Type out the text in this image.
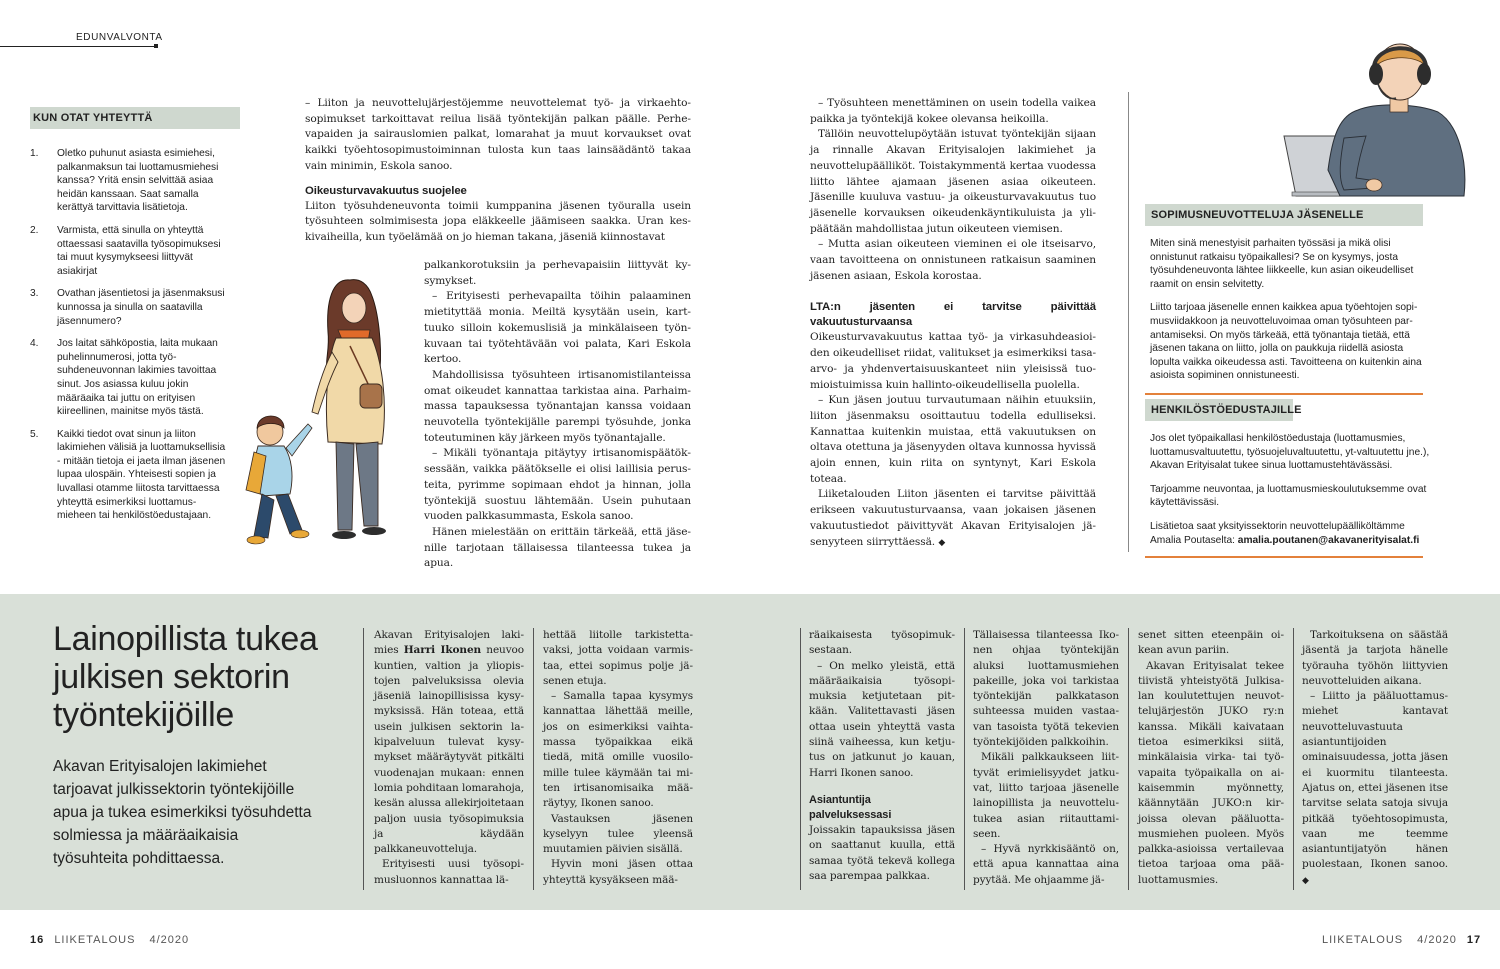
EDUNVALVONTA
KUN OTAT YHTEYTTÄ
1. Oletko puhunut asiasta esimiehesi, palkanmaksun tai luottamusmiehesi kanssa? Yritä ensin selvittää asiaa heidän kanssaan. Saat samalla kerättyä tarvittavia lisätietoja.
2. Varmista, että sinulla on yhteyttä ottaessasi saatavilla työsopimuksesi tai muut kysymykseesi liittyvät asiakirjat
3. Ovathan jäsentietosi ja jäsenmaksusi kunnossa ja sinulla on saatavilla jäsennumero?
4. Jos laitat sähköpostia, laita mukaan puhelinnumerosi, jotta työsuhdeneuvonnan lakimies tavoittaa sinut. Jos asiassa kuluu jokin määräaika tai juttu on erityisen kiireellinen, mainitse myös tästä.
5. Kaikki tiedot ovat sinun ja liiton lakimiehen välisiä ja luottamuksellisia - mitään tietoja ei jaeta ilman jäsenen lupaa ulospäin. Yhteisesti sopien ja luvallasi otamme liitosta tarvittaessa yhteyttä esimerkiksi luottamusmieheen tai henkilöstöedustajaan.

– Liiton ja neuvottelujärjestöjemme neuvottelemat työ- ja virkaehtosopimukset tarkoittavat reilua lisää työntekijän palkan päälle. Perhevapaiden ja sairauslomien palkat, lomarahat ja muut korvaukset ovat kaikki työehtosopimustoiminnan tulosta kun taas lainsäädäntö takaa vain minimin, Eskola sanoo.

Oikeusturvavakuutus suojelee

Liiton työsuhdeneuvonta toimii kumppanina jäsenen työuralla usein työsuhteen solmimisesta jopa eläkkeelle jäämiseen saakka. Uran keskivaiheilla, kun työelämää on jo hieman takana, jäseniä kiinnostavat

palkankorotuksiin ja perhevapaisiin liittyvät kysymykset.

– Erityisesti perhevapailta töihin palaaminen mietityttää monia. Meiltä kysytään usein, karttuuko silloin kokemuslisiä ja minkälaiseen työnkuvaan tai työtehtävään voi palata, Kari Eskola kertoo.

Mahdollisissa työsuhteen irtisanomistilanteissa omat oikeudet kannattaa tarkistaa aina. Parhaimmassa tapauksessa työnantajan kanssa voidaan neuvotella työntekijälle parempi työsuhde, jonka toteutuminen käy järkeen myös työnantajalle.

– Mikäli työnantaja pitäytyy irtisanomispäätöksessään, vaikka päätökselle ei olisi laillisia perusteita, pyrimme sopimaan ehdot ja hinnan, jolla työntekijä suostuu lähtemään. Usein puhutaan vuoden palkkasummasta, Eskola sanoo.

Hänen mielestään on erittäin tärkeää, että jäsenille tarjotaan tällaisessa tilanteessa tukea ja apua.

– Työsuhteen menettäminen on usein todella vaikea paikka ja työntekijä kokee olevansa heikoilla.

Tällöin neuvottelupöytään istuvat työntekijän sijaan ja rinnalle Akavan Erityisalojen lakimiehet ja neuvottelupäälliköt. Toistakymmentä kertaa vuodessa liitto lähtee ajamaan jäsenen asiaa oikeuteen. Jäsenille kuuluva vastuu- ja oikeusturvavakuutus tuo jäsenelle korvauksen oikeudenkäyntikuluista ja ylipäätään mahdollistaa jutun oikeuteen viemisen.

– Mutta asian oikeuteen vieminen ei ole itseisarvo, vaan tavoitteena on onnistuneen ratkaisun saaminen jäsenen asiaan, Eskola korostaa.

LTA:n jäsenten ei tarvitse päivittää vakuutusturvaansa

Oikeusturvavakuutus kattaa työ- ja virkasuhdeasioiden oikeudelliset riidat, valitukset ja esimerkiksi tasa-arvo- ja yhdenvertaisuuskanteet niin yleisissä tuomioistuimissa kuin hallinto-oikeudellisella puolella.

– Kun jäsen joutuu turvautumaan näihin etuuksiin, liiton jäsenmaksu osoittautuu todella edulliseksi. Kannattaa kuitenkin muistaa, että vakuutuksen on oltava otettuna ja jäsenyyden oltava kunnossa hyvissä ajoin ennen, kuin riita on syntynyt, Kari Eskola toteaa.

Liiketalouden Liiton jäsenten ei tarvitse päivittää erikseen vakuutusturvaansa, vaan jokaisen jäsenen vakuutustiedot päivittyvät Akavan Erityisalojen jäsenyyteen siirryttäessä. ◆

SOPIMUSNEUVOTTELUJA JÄSENELLE

Miten sinä menestyisit parhaiten työssäsi ja mikä olisi onnistunut ratkaisu työpaikallesi? Se on kysymys, josta työsuhdeneuvonta lähtee liikkeelle, kun asian oikeudelliset raamit on ensin selvitetty.

Liitto tarjoaa jäsenelle ennen kaikkea apua työehtojen sopimusviidakkoon ja neuvotteluvoimaa oman työsuhteen parantamiseksi. On myös tärkeää, että työnantaja tietää, että jäsenen takana on liitto, jolla on paukkuja riidellä asiosta lopulta vaikka oikeudessa asti. Tavoitteena on kuitenkin aina asioista sopiminen onnistuneesti.

HENKILÖSTÖEDUSTAJILLE

Jos olet työpaikallasi henkilöstöedustaja (luottamusmies, luottamusvaltuutettu, työsuojeluvaltuutettu, yt-valtuutettu jne.), Akavan Erityisalat tukee sinua luottamustehtävässäsi.

Tarjoamme neuvontaa, ja luottamusmieskoulutuksemme ovat käytettävissäsi.

Lisätietoa saat yksityissektorin neuvottelupäälliköltämme Amalia Poutaselta: amalia.poutanen@akavanerityisalat.fi

Lainopillista tukea julkisen sektorin työntekijöille
Akavan Erityisalojen lakimiehet tarjoavat julkissektorin työntekijöille apua ja tukea esimerkiksi työsuhdetta solmiessa ja määräaikaisia työsuhteita pohdittaessa.

Akavan Erityisalojen lakimies Harri Ikonen neuvoo kuntien, valtion ja yliopistojen palveluksissa olevia jäseniä lainopillisissa kysymyksissä. Hän toteaa, että usein julkisen sektorin lakipalveluun tulevat kysymykset määräytyvät pitkälti vuodenajan mukaan: ennen lomia pohditaan lomarahoja, kesän alussa allekirjoitetaan paljon uusia työsopimuksia ja käydään palkkaneuvotteluja.

Erityisesti uusi työsopimusluonnos kannattaa lä-

hettää liitolle tarkistettavaksi, jotta voidaan varmistaa, ettei sopimus polje jäsenen etuja.

– Samalla tapaa kysymys kannattaa lähettää meille, jos on esimerkiksi vaihtamassa työpaikkaa eikä tiedä, mitä omille vuosilomille tulee käymään tai miten irtisanomisaika määräytyy, Ikonen sanoo.

Vastauksen jäsenen kyselyyn tulee yleensä muutamien päivien sisällä.

Hyvin moni jäsen ottaa yhteyttä kysyäkseen mää-

räaikaisesta työsopimuksestaan.

– On melko yleistä, että määräaikaisia työsopimuksia ketjutetaan pitkään. Valitettavasti jäsen ottaa usein yhteyttä vasta siinä vaiheessa, kun ketjutus on jatkunut jo kauan, Harri Ikonen sanoo.

Asiantuntija palveluksessasi

Joissakin tapauksissa jäsen on saattanut kuulla, että samaa työtä tekevä kollega saa parempaa palkkaa.

Tällaisessa tilanteessa Ikonen ohjaa työntekijän aluksi luottamusmiehen pakeille, joka voi tarkistaa työntekijän palkkatason suhteessa muiden vastaavan tasoista työtä tekevien työntekijöiden palkkoihin.

Mikäli palkkaukseen liittyvät erimielisyydet jatkuvat, liitto tarjoaa jäsenelle lainopillista ja neuvottelutukea asian riitauttamiseen.

– Hyvä nyrkkisääntö on, että apua kannattaa aina pyytää. Me ohjaamme jä-

senet sitten eteenpäin oikean avun pariin.

Akavan Erityisalat tekee tiivistä yhteistyötä Julkisalan koulutettujen neuvottelujärjestön JUKO ry:n kanssa. Mikäli kaivataan tietoa esimerkiksi siitä, minkälaisia virka- tai työvapaita työpaikalla on aikaisemmin myönnetty, käännytään JUKO:n kirjoissa olevan pääluottamusmiehen puoleen. Myös palkka-asioissa vertailevaa tietoa tarjoaa oma pääluottamusmies.

Tarkoituksena on säästää jäsentä ja tarjota hänelle työrauha työhön liittyvien neuvotteluiden aikana.

– Liitto ja pääluottamusmiehet kantavat neuvotteluvastuuta asiantuntijoiden ominaisuudessa, jotta jäsen ei kuormitu tilanteesta. Ajatus on, ettei jäsenen itse tarvitse selata satoja sivuja pitkää työehtosopimusta, vaan me teemme asiantuntijatyön hänen puolestaan, Ikonen sanoo. ◆

16 LIIKETALOUS 4/2020	LIIKETALOUS 4/2020 17
